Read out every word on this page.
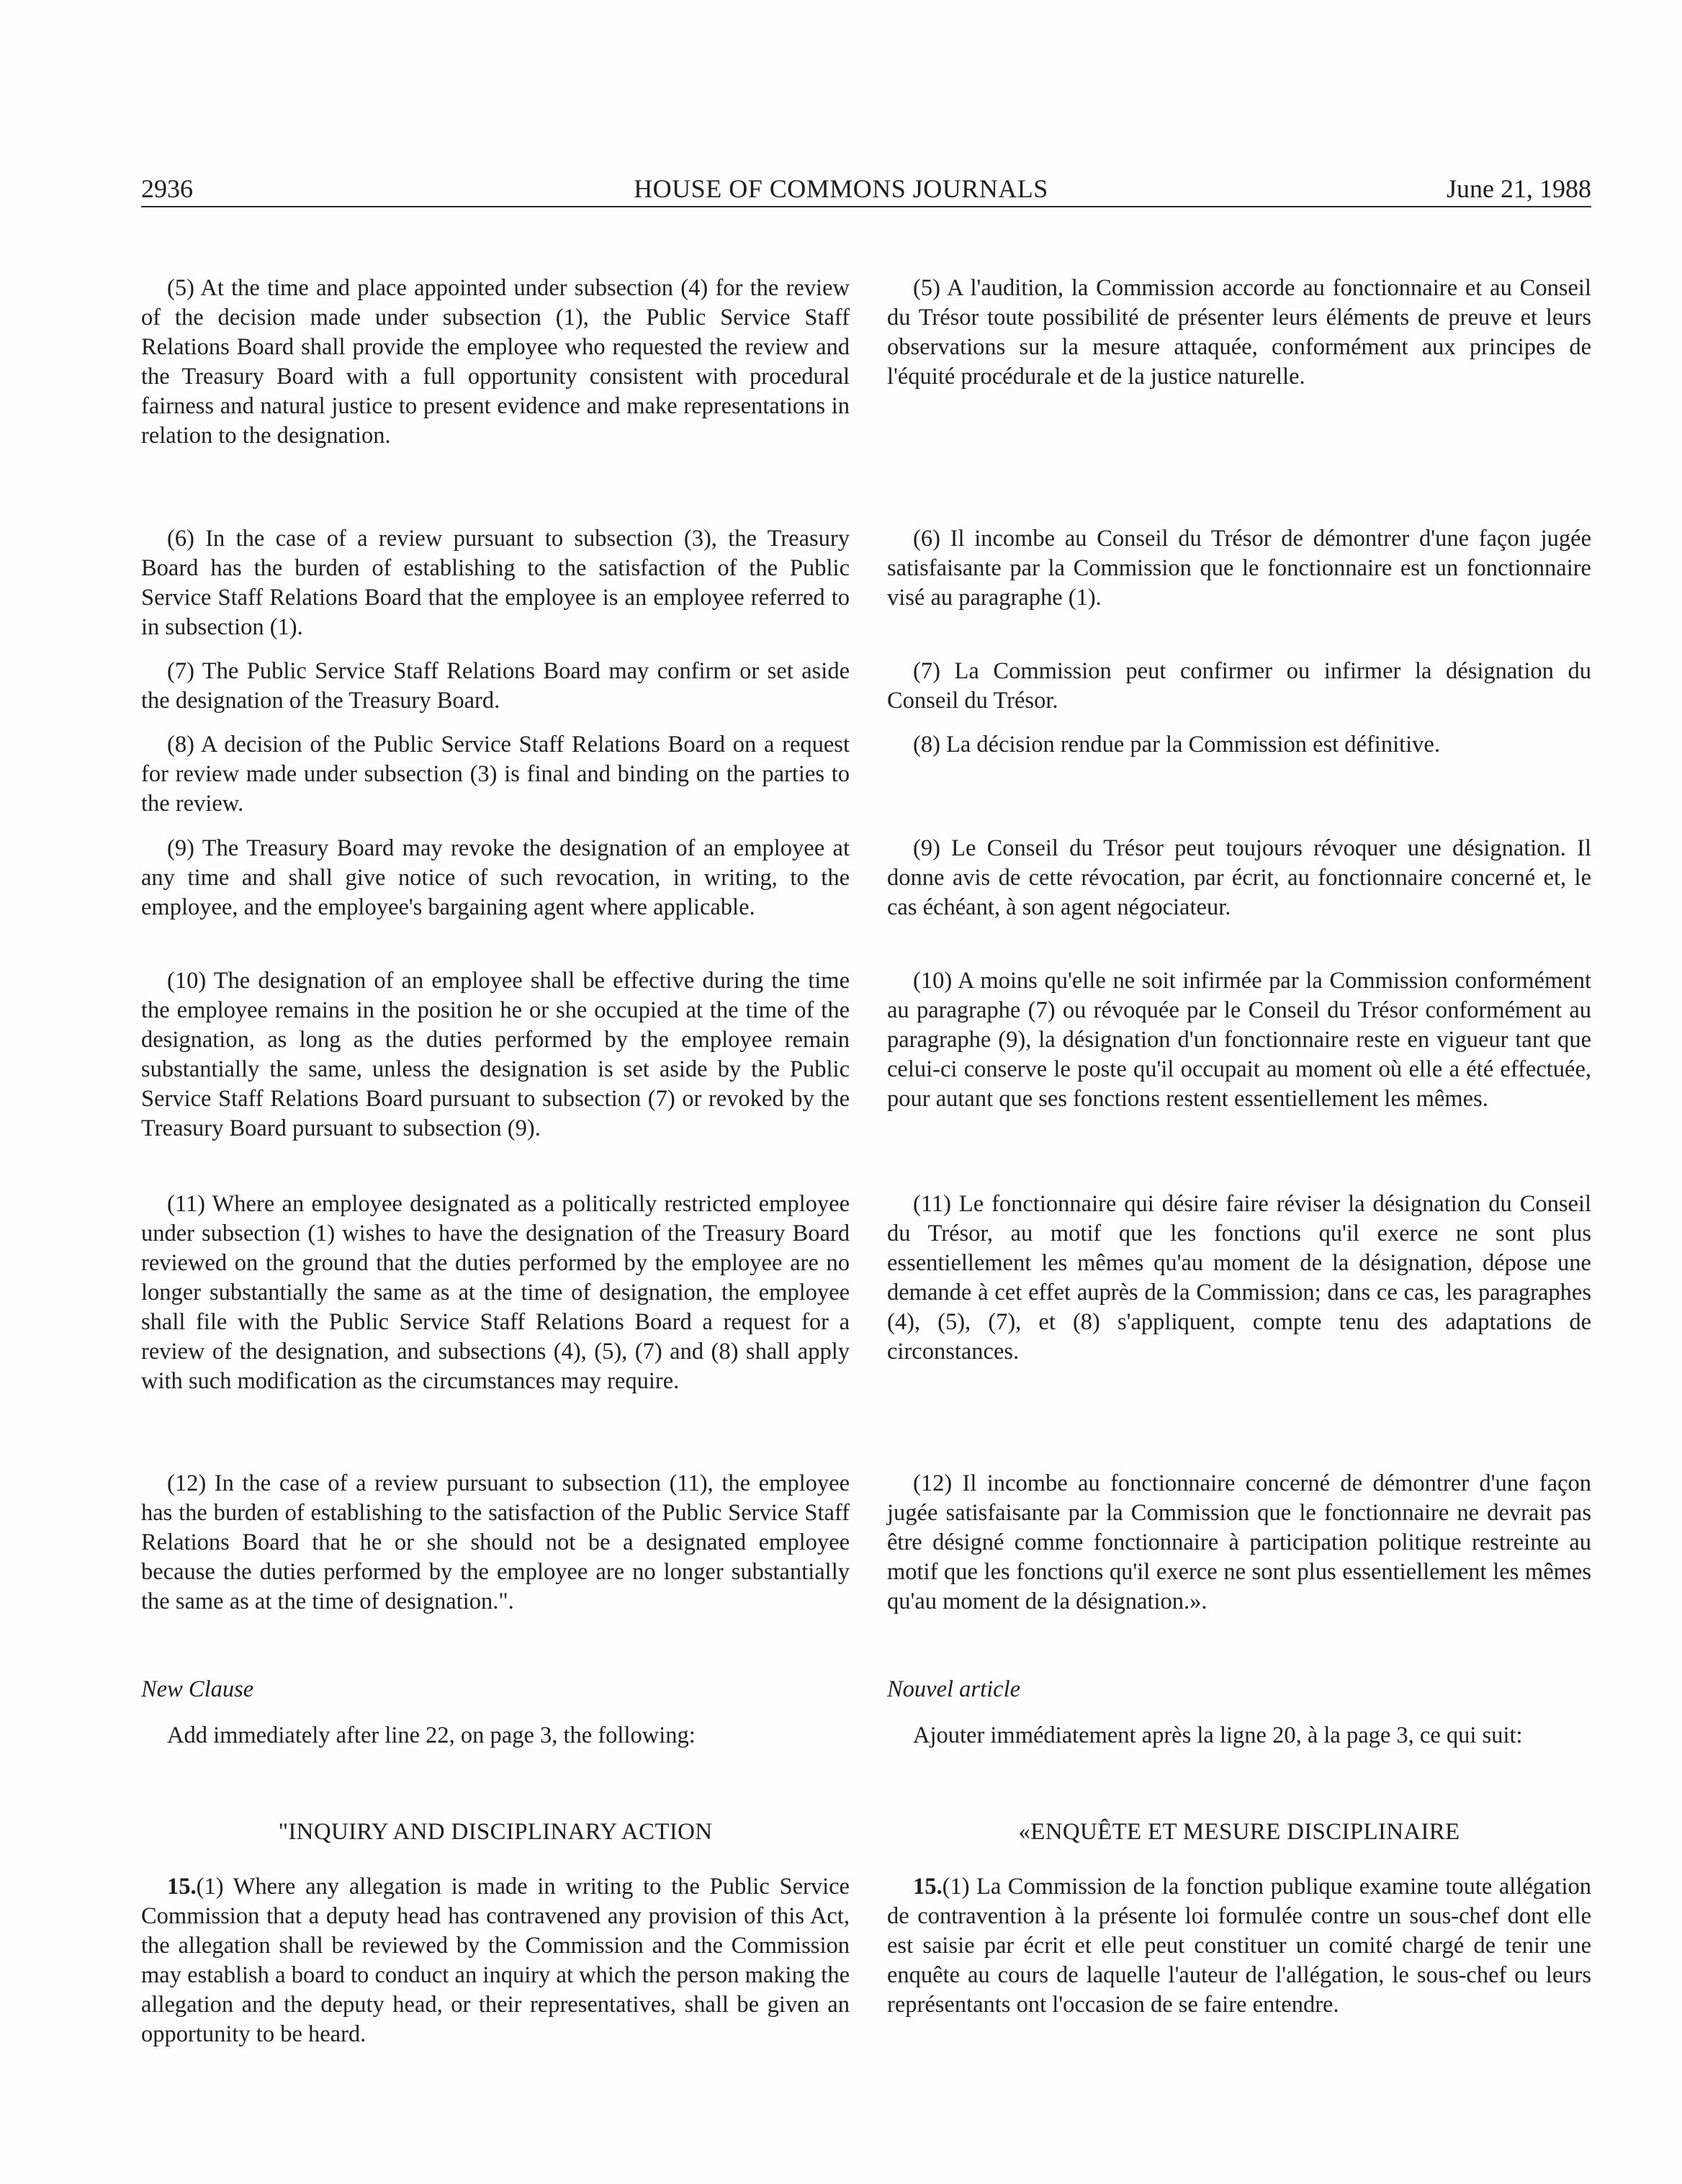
2936	HOUSE OF COMMONS JOURNALS	June 21, 1988

(5) At the time and place appointed under subsection (4) for the review of the decision made under subsection (1), the Public Service Staff Relations Board shall provide the employee who requested the review and the Treasury Board with a full opportunity consistent with procedural fairness and natural justice to present evidence and make representations in relation to the designation.

(6) In the case of a review pursuant to subsection (3), the Treasury Board has the burden of establishing to the satisfaction of the Public Service Staff Relations Board that the employee is an employee referred to in subsection (1).

(7) The Public Service Staff Relations Board may confirm or set aside the designation of the Treasury Board.

(8) A decision of the Public Service Staff Relations Board on a request for review made under subsection (3) is final and binding on the parties to the review.

(9) The Treasury Board may revoke the designation of an employee at any time and shall give notice of such revocation, in writing, to the employee, and the employee's bargaining agent where applicable.

(10) The designation of an employee shall be effective during the time the employee remains in the position he or she occupied at the time of the designation, as long as the duties performed by the employee remain substantially the same, unless the designation is set aside by the Public Service Staff Relations Board pursuant to subsection (7) or revoked by the Treasury Board pursuant to subsection (9).

(11) Where an employee designated as a politically restricted employee under subsection (1) wishes to have the designation of the Treasury Board reviewed on the ground that the duties performed by the employee are no longer substantially the same as at the time of designation, the employee shall file with the Public Service Staff Relations Board a request for a review of the designation, and subsections (4), (5), (7) and (8) shall apply with such modification as the circumstances may require.

(12) In the case of a review pursuant to subsection (11), the employee has the burden of establishing to the satisfaction of the Public Service Staff Relations Board that he or she should not be a designated employee because the duties performed by the employee are no longer substantially the same as at the time of designation.".

New Clause

Add immediately after line 22, on page 3, the following:

"INQUIRY AND DISCIPLINARY ACTION

15.(1) Where any allegation is made in writing to the Public Service Commission that a deputy head has contravened any provision of this Act, the allegation shall be reviewed by the Commission and the Commission may establish a board to conduct an inquiry at which the person making the allegation and the deputy head, or their representatives, shall be given an opportunity to be heard.

(5) A l'audition, la Commission accorde au fonctionnaire et au Conseil du Trésor toute possibilité de présenter leurs éléments de preuve et leurs observations sur la mesure attaquée, conformément aux principes de l'équité procédurale et de la justice naturelle.

(6) Il incombe au Conseil du Trésor de démontrer d'une façon jugée satisfaisante par la Commission que le fonctionnaire est un fonctionnaire visé au paragraphe (1).

(7) La Commission peut confirmer ou infirmer la désignation du Conseil du Trésor.

(8) La décision rendue par la Commission est définitive.

(9) Le Conseil du Trésor peut toujours révoquer une désignation. Il donne avis de cette révocation, par écrit, au fonctionnaire concerné et, le cas échéant, à son agent négociateur.

(10) A moins qu'elle ne soit infirmée par la Commission conformément au paragraphe (7) ou révoquée par le Conseil du Trésor conformément au paragraphe (9), la désignation d'un fonctionnaire reste en vigueur tant que celui-ci conserve le poste qu'il occupait au moment où elle a été effectuée, pour autant que ses fonctions restent essentiellement les mêmes.

(11) Le fonctionnaire qui désire faire réviser la désignation du Conseil du Trésor, au motif que les fonctions qu'il exerce ne sont plus essentiellement les mêmes qu'au moment de la désignation, dépose une demande à cet effet auprès de la Commission; dans ce cas, les paragraphes (4), (5), (7), et (8) s'appliquent, compte tenu des adaptations de circonstances.

(12) Il incombe au fonctionnaire concerné de démontrer d'une façon jugée satisfaisante par la Commission que le fonctionnaire ne devrait pas être désigné comme fonctionnaire à participation politique restreinte au motif que les fonctions qu'il exerce ne sont plus essentiellement les mêmes qu'au moment de la désignation.».

Nouvel article

Ajouter immédiatement après la ligne 20, à la page 3, ce qui suit:

«ENQUÊTE ET MESURE DISCIPLINAIRE

15.(1) La Commission de la fonction publique examine toute allégation de contravention à la présente loi formulée contre un sous-chef dont elle est saisie par écrit et elle peut constituer un comité chargé de tenir une enquête au cours de laquelle l'auteur de l'allégation, le sous-chef ou leurs représentants ont l'occasion de se faire entendre.
